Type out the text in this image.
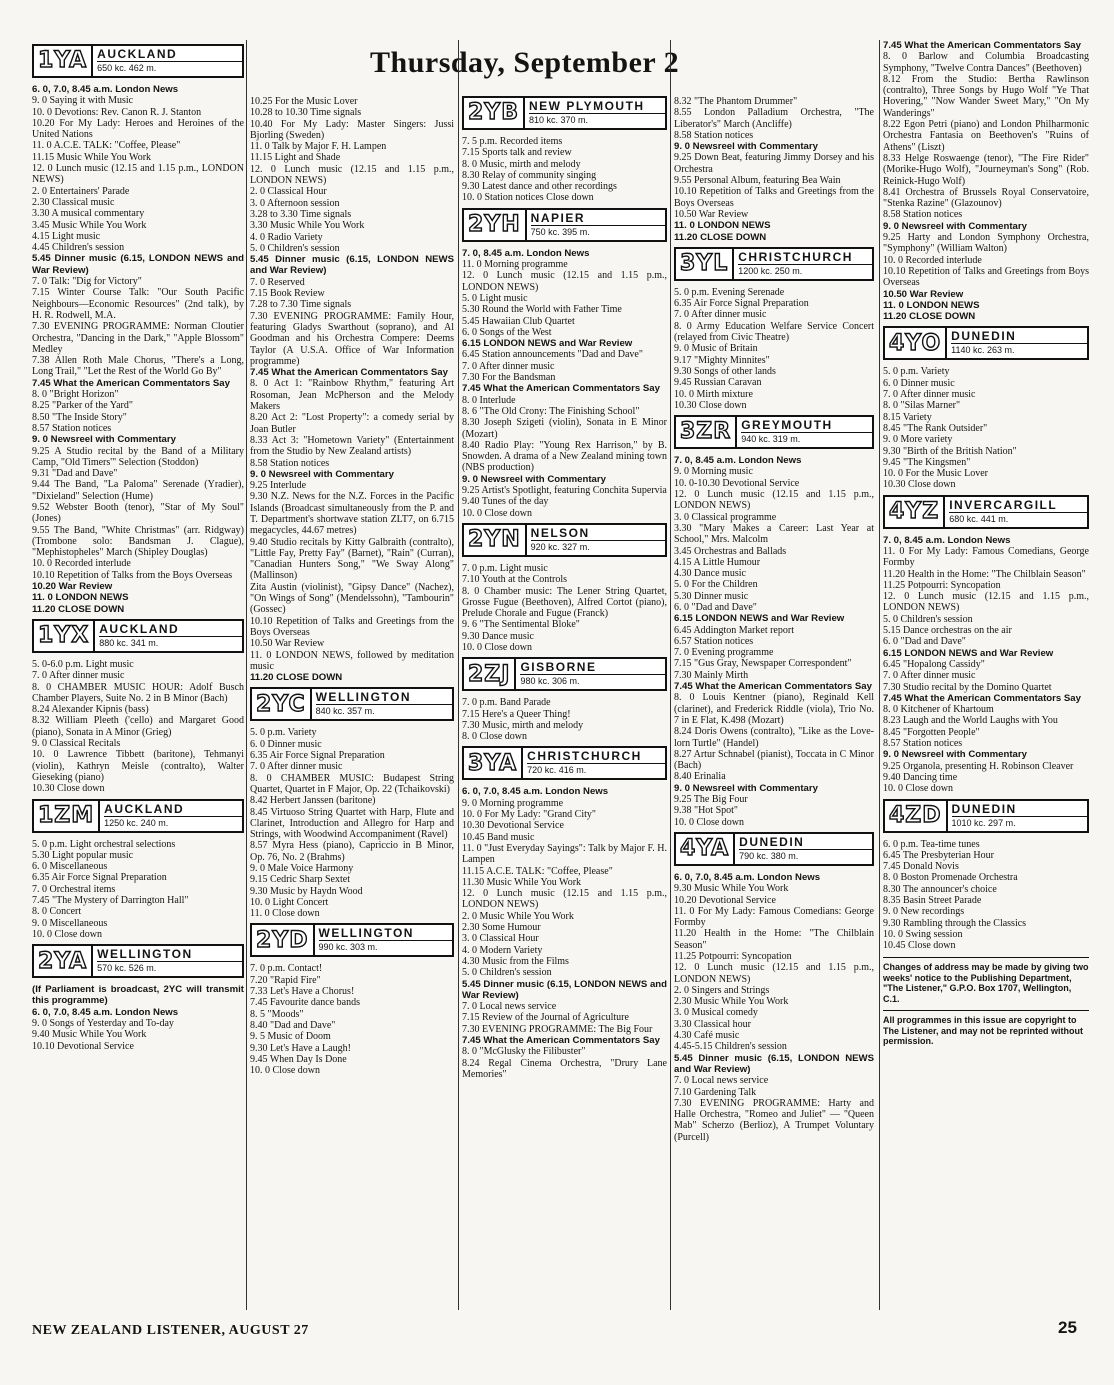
Thursday, September 2
1YA AUCKLAND
650 kc. 462 m.

6. 0, 7.0, 8.45 a.m. London News

9. 0 Saying it with Music

10. 0 Devotions: Rev. Canon R. J. Stanton

10.20 For My Lady: Heroes and Heroines of the United Nations

11. 0 A.C.E. TALK: "Coffee, Please"

11.15 Music While You Work

12. 0 Lunch music (12.15 and 1.15 p.m., LONDON NEWS)

2. 0 Entertainers' Parade

2.30 Classical music

3.30 A musical commentary

3.45 Music While You Work

4.15 Light music

4.45 Children's session

5.45 Dinner music (6.15, LONDON NEWS and War Review)

7. 0 Talk: "Dig for Victory"

7.15 Winter Course Talk: "Our South Pacific Neighbours—Economic Resources" (2nd talk), by H. R. Rodwell, M.A.

7.30 EVENING PROGRAMME: Norman Cloutier Orchestra, "Dancing in the Dark," "Apple Blossom" Medley

7.38 Allen Roth Male Chorus, "There's a Long, Long Trail," "Let the Rest of the World Go By"

7.45 What the American Commentators Say

8. 0 "Bright Horizon"

8.25 "Parker of the Yard"

8.50 "The Inside Story"

8.57 Station notices

9. 0 Newsreel with Commentary

9.25 A Studio recital by the Band of a Military Camp, "Old Timers'" Selection (Stoddon)

9.31 "Dad and Dave"

9.44 The Band, "La Paloma" Serenade (Yradier), "Dixieland" Selection (Hume)

9.52 Webster Booth (tenor), "Star of My Soul" (Jones)

9.55 The Band, "White Christmas" (arr. Ridgway) (Trombone solo: Bandsman J. Clague), "Mephistopheles" March (Shipley Douglas)

10. 0 Recorded interlude

10.10 Repetition of Talks from the Boys Overseas

10.20 War Review

11. 0 LONDON NEWS

11.20 CLOSE DOWN

1YX AUCKLAND
880 kc. 341 m.

5. 0-6.0 p.m. Light music

7. 0 After dinner music

8. 0 CHAMBER MUSIC HOUR: Adolf Busch Chamber Players, Suite No. 2 in B Minor (Bach)

8.24 Alexander Kipnis (bass)

8.32 William Pleeth ('cello) and Margaret Good (piano), Sonata in A Minor (Grieg)

9. 0 Classical Recitals

10. 0 Lawrence Tibbett (baritone), Tehmanyi (violin), Kathryn Meisle (contralto), Walter Gieseking (piano)

10.30 Close down

1ZM AUCKLAND
1250 kc. 240 m.

5. 0 p.m. Light orchestral selections

5.30 Light popular music

6. 0 Miscellaneous

6.35 Air Force Signal Preparation

7. 0 Orchestral items

7.45 "The Mystery of Darrington Hall"

8. 0 Concert

9. 0 Miscellaneous

10. 0 Close down

2YA WELLINGTON
570 kc. 526 m.

(If Parliament is broadcast, 2YC will transmit this programme)

6. 0, 7.0, 8.45 a.m. London News

9. 0 Songs of Yesterday and To-day

9.40 Music While You Work

10.10 Devotional Service

10.25 For the Music Lover

10.28 to 10.30 Time signals

10.40 For My Lady: Master Singers: Jussi Bjorling (Sweden)

11. 0 Talk by Major F. H. Lampen

11.15 Light and Shade

12. 0 Lunch music (12.15 and 1.15 p.m., LONDON NEWS)

2. 0 Classical Hour

3. 0 Afternoon session

3.28 to 3.30 Time signals

3.30 Music While You Work

4. 0 Radio Variety

5. 0 Children's session

5.45 Dinner music (6.15, LONDON NEWS and War Review)

7. 0 Reserved

7.15 Book Review

7.28 to 7.30 Time signals

7.30 EVENING PROGRAMME: Family Hour, featuring Gladys Swarthout (soprano), and Al Goodman and his Orchestra Compere: Deems Taylor (A U.S.A. Office of War Information programme)

7.45 What the American Commentators Say

8. 0 Act 1: "Rainbow Rhythm," featuring Art Rosoman, Jean McPherson and the Melody Makers

8.20 Act 2: "Lost Property": a comedy serial by Joan Butler

8.33 Act 3: "Hometown Variety" (Entertainment from the Studio by New Zealand artists)

8.58 Station notices

9. 0 Newsreel with Commentary

9.25 Interlude

9.30 N.Z. News for the N.Z. Forces in the Pacific Islands (Broadcast simultaneously from the P. and T. Department's shortwave station ZLT7, on 6.715 megacycles, 44.67 metres)

9.40 Studio recitals by Kitty Galbraith (contralto), "Little Fay, Pretty Fay" (Barnet), "Rain" (Curran), "Canadian Hunters Song," "We Sway Along" (Mallinson)

Zita Austin (violinist), "Gipsy Dance" (Nachez), "On Wings of Song" (Mendelssohn), "Tambourin" (Gossec)

10.10 Repetition of Talks and Greetings from the Boys Overseas

10.50 War Review

11. 0 LONDON NEWS, followed by meditation music

11.20 CLOSE DOWN

2YC WELLINGTON
840 kc. 357 m.

5. 0 p.m. Variety

6. 0 Dinner music

6.35 Air Force Signal Preparation

7. 0 After dinner music

8. 0 CHAMBER MUSIC: Budapest String Quartet, Quartet in F Major, Op. 22 (Tchaikovski)

8.42 Herbert Janssen (baritone)

8.45 Virtuoso String Quartet with Harp, Flute and Clarinet, Introduction and Allegro for Harp and Strings, with Woodwind Accompaniment (Ravel)

8.57 Myra Hess (piano), Capriccio in B Minor, Op. 76, No. 2 (Brahms)

9. 0 Male Voice Harmony

9.15 Cedric Sharp Sextet

9.30 Music by Haydn Wood

10. 0 Light Concert

11. 0 Close down

2YD WELLINGTON
990 kc. 303 m.

7. 0 p.m. Contact!

7.20 "Rapid Fire"

7.33 Let's Have a Chorus!

7.45 Favourite dance bands

8. 5 "Moods"

8.40 "Dad and Dave"

9. 5 Music of Doom

9.30 Let's Have a Laugh!

9.45 When Day Is Done

10. 0 Close down

2YB NEW PLYMOUTH
810 kc. 370 m.

7. 5 p.m. Recorded items

7.15 Sports talk and review

8. 0 Music, mirth and melody

8.30 Relay of community singing

9.30 Latest dance and other recordings

10. 0 Station notices Close down

2YH NAPIER
750 kc. 395 m.

7. 0, 8.45 a.m. London News

11. 0 Morning programme

12. 0 Lunch music (12.15 and 1.15 p.m., LONDON NEWS)

5. 0 Light music

5.30 Round the World with Father Time

5.45 Hawaiian Club Quartet

6. 0 Songs of the West

6.15 LONDON NEWS and War Review

6.45 Station announcements "Dad and Dave"

7. 0 After dinner music

7.30 For the Bandsman

7.45 What the American Commentators Say

8. 0 Interlude

8. 6 "The Old Crony: The Finishing School"

8.30 Joseph Szigeti (violin), Sonata in E Minor (Mozart)

8.40 Radio Play: "Young Rex Harrison," by B. Snowden. A drama of a New Zealand mining town (NBS production)

9. 0 Newsreel with Commentary

9.25 Artist's Spotlight, featuring Conchita Supervia

9.40 Tunes of the day

10. 0 Close down

2YN NELSON
920 kc. 327 m.

7. 0 p.m. Light music

7.10 Youth at the Controls

8. 0 Chamber music: The Lener String Quartet, Grosse Fugue (Beethoven), Alfred Cortot (piano), Prelude Chorale and Fugue (Franck)

9. 6 "The Sentimental Bloke"

9.30 Dance music

10. 0 Close down

2ZJ GISBORNE
980 kc. 306 m.

7. 0 p.m. Band Parade

7.15 Here's a Queer Thing!

7.30 Music, mirth and melody

8. 0 Close down

3YA CHRISTCHURCH
720 kc. 416 m.

6. 0, 7.0, 8.45 a.m. London News

9. 0 Morning programme

10. 0 For My Lady: "Grand City"

10.30 Devotional Service

10.45 Band music

11. 0 "Just Everyday Sayings": Talk by Major F. H. Lampen

11.15 A.C.E. TALK: "Coffee, Please"

11.30 Music While You Work

12. 0 Lunch music (12.15 and 1.15 p.m., LONDON NEWS)

2. 0 Music While You Work

2.30 Some Humour

3. 0 Classical Hour

4. 0 Modern Variety

4.30 Music from the Films

5. 0 Children's session

5.45 Dinner music (6.15, LONDON NEWS and War Review)

7. 0 Local news service

7.15 Review of the Journal of Agriculture

7.30 EVENING PROGRAMME: The Big Four

7.45 What the American Commentators Say

8. 0 "McGlusky the Filibuster"

8.24 Regal Cinema Orchestra, "Drury Lane Memories"

8.32 "The Phantom Drummer"

8.55 London Palladium Orchestra, "The Liberator's" March (Ancliffe)

8.58 Station notices

9. 0 Newsreel with Commentary

9.25 Down Beat, featuring Jimmy Dorsey and his Orchestra

9.55 Personal Album, featuring Bea Wain

10.10 Repetition of Talks and Greetings from the Boys Overseas

10.50 War Review

11. 0 LONDON NEWS

11.20 CLOSE DOWN

3YL CHRISTCHURCH
1200 kc. 250 m.

5. 0 p.m. Evening Serenade

6.35 Air Force Signal Preparation

7. 0 After dinner music

8. 0 Army Education Welfare Service Concert (relayed from Civic Theatre)

9. 0 Music of Britain

9.17 "Mighty Minnites"

9.30 Songs of other lands

9.45 Russian Caravan

10. 0 Mirth mixture

10.30 Close down

3ZR GREYMOUTH
940 kc. 319 m.

7. 0, 8.45 a.m. London News

9. 0 Morning music

10. 0-10.30 Devotional Service

12. 0 Lunch music (12.15 and 1.15 p.m., LONDON NEWS)

3. 0 Classical programme

3.30 "Mary Makes a Career: Last Year at School," Mrs. Malcolm

3.45 Orchestras and Ballads

4.15 A Little Humour

4.30 Dance music

5. 0 For the Children

5.30 Dinner music

6. 0 "Dad and Dave"

6.15 LONDON NEWS and War Review

6.45 Addington Market report

6.57 Station notices

7. 0 Evening programme

7.15 "Gus Gray, Newspaper Correspondent"

7.30 Mainly Mirth

7.45 What the American Commentators Say

8. 0 Louis Kentner (piano), Reginald Kell (clarinet), and Frederick Riddle (viola), Trio No. 7 in E Flat, K.498 (Mozart)

8.24 Doris Owens (contralto), "Like as the Love-lorn Turtle" (Handel)

8.27 Artur Schnabel (pianist), Toccata in C Minor (Bach)

8.40 Erinalia

9. 0 Newsreel with Commentary

9.25 The Big Four

9.38 "Hot Spot"

10. 0 Close down

4YA DUNEDIN
790 kc. 380 m.

6. 0, 7.0, 8.45 a.m. London News

9.30 Music While You Work

10.20 Devotional Service

11. 0 For My Lady: Famous Comedians: George Formby

11.20 Health in the Home: "The Chilblain Season"

11.25 Potpourri: Syncopation

12. 0 Lunch music (12.15 and 1.15 p.m., LONDON NEWS)

2. 0 Singers and Strings

2.30 Music While You Work

3. 0 Musical comedy

3.30 Classical hour

4.30 Café music

4.45-5.15 Children's session

5.45 Dinner music (6.15, LONDON NEWS and War Review)

7. 0 Local news service

7.10 Gardening Talk

7.30 EVENING PROGRAMME: Harty and Halle Orchestra, "Romeo and Juliet" — "Queen Mab" Scherzo (Berlioz), A Trumpet Voluntary (Purcell)

7.45 What the American Commentators Say

8. 0 Barlow and Columbia Broadcasting Symphony, "Twelve Contra Dances" (Beethoven)

8.12 From the Studio: Bertha Rawlinson (contralto), Three Songs by Hugo Wolf "Ye That Hovering," "Now Wander Sweet Mary," "On My Wanderings"

8.22 Egon Petri (piano) and London Philharmonic Orchestra Fantasia on Beethoven's "Ruins of Athens" (Liszt)

8.33 Helge Roswaenge (tenor), "The Fire Rider" (Morike-Hugo Wolf), "Journeyman's Song" (Rob. Reinick-Hugo Wolf)

8.41 Orchestra of Brussels Royal Conservatoire, "Stenka Razine" (Glazounov)

8.58 Station notices

9. 0 Newsreel with Commentary

9.25 Harty and London Symphony Orchestra, "Symphony" (William Walton)

10. 0 Recorded interlude

10.10 Repetition of Talks and Greetings from Boys Overseas

10.50 War Review

11. 0 LONDON NEWS

11.20 CLOSE DOWN

4YO DUNEDIN
1140 kc. 263 m.

5. 0 p.m. Variety

6. 0 Dinner music

7. 0 After dinner music

8. 0 "Silas Marner"

8.15 Variety

8.45 "The Rank Outsider"

9. 0 More variety

9.30 "Birth of the British Nation"

9.45 "The Kingsmen"

10. 0 For the Music Lover

10.30 Close down

4YZ INVERCARGILL
680 kc. 441 m.

7. 0, 8.45 a.m. London News

11. 0 For My Lady: Famous Comedians, George Formby

11.20 Health in the Home: "The Chilblain Season"

11.25 Potpourri: Syncopation

12. 0 Lunch music (12.15 and 1.15 p.m., LONDON NEWS)

5. 0 Children's session

5.15 Dance orchestras on the air

6. 0 "Dad and Dave"

6.15 LONDON NEWS and War Review

6.45 "Hopalong Cassidy"

7. 0 After dinner music

7.30 Studio recital by the Domino Quartet

7.45 What the American Commentators Say

8. 0 Kitchener of Khartoum

8.23 Laugh and the World Laughs with You

8.45 "Forgotten People"

8.57 Station notices

9. 0 Newsreel with Commentary

9.25 Organola, presenting H. Robinson Cleaver

9.40 Dancing time

10. 0 Close down

4ZD DUNEDIN
1010 kc. 297 m.

6. 0 p.m. Tea-time tunes

6.45 The Presbyterian Hour

7.45 Donald Novis

8. 0 Boston Promenade Orchestra

8.30 The announcer's choice

8.35 Basin Street Parade

9. 0 New recordings

9.30 Rambling through the Classics

10. 0 Swing session

10.45 Close down

Changes of address may be made by giving two weeks' notice to the Publishing Department, "The Listener," G.P.O. Box 1707, Wellington, C.1.
All programmes in this issue are copyright to The Listener, and may not be reprinted without permission.
NEW ZEALAND LISTENER, AUGUST 27	25
